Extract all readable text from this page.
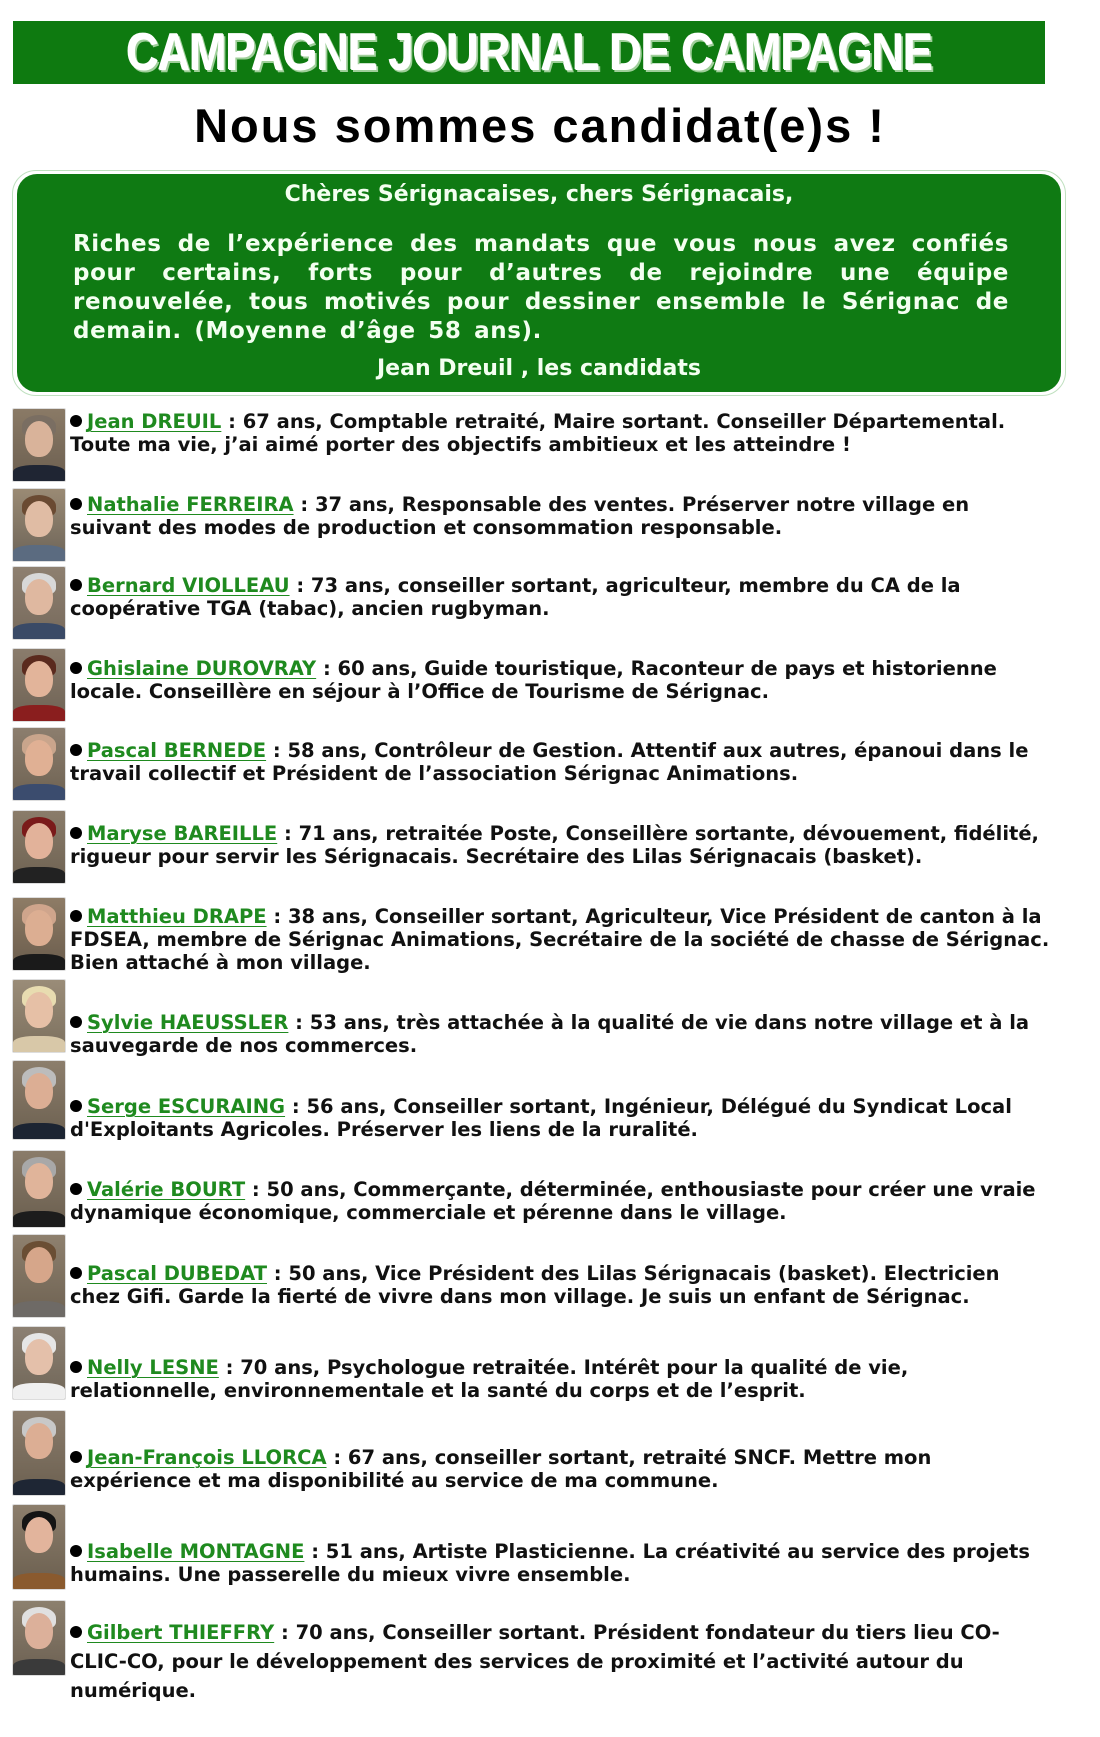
CAMPAGNE JOURNAL DE CAMPAGNE
Nous sommes candidat(e)s !
Chères Sérignacaises, chers Sérignacais,
Riches de l’expérience des mandats que vous nous avez confiés pour certains, forts pour d’autres de rejoindre une équipe renouvelée, tous motivés pour dessiner ensemble le Sérignac de demain. (Moyenne d’âge 58 ans).
Jean Dreuil , les candidats
Jean DREUIL : 67 ans, Comptable retraité, Maire sortant. Conseiller Départemental. Toute ma vie, j’ai aimé porter des objectifs ambitieux et les atteindre !
Nathalie FERREIRA : 37 ans, Responsable des ventes. Préserver notre village en suivant des modes de production et consommation responsable.
Bernard VIOLLEAU : 73 ans, conseiller sortant, agriculteur, membre du CA de la coopérative TGA (tabac), ancien rugbyman.
Ghislaine DUROVRAY : 60 ans, Guide touristique, Raconteur de pays et historienne locale. Conseillère en séjour à l’Office de Tourisme de Sérignac.
Pascal BERNEDE : 58 ans, Contrôleur de Gestion. Attentif aux autres, épanoui dans le travail collectif et Président de l’association Sérignac Animations.
Maryse BAREILLE : 71 ans, retraitée Poste, Conseillère sortante, dévouement, fidélité, rigueur pour servir les Sérignacais. Secrétaire des Lilas Sérignacais (basket).
Matthieu DRAPE : 38 ans, Conseiller sortant, Agriculteur, Vice Président de canton à la FDSEA, membre de Sérignac Animations, Secrétaire de la société de chasse de Sérignac. Bien attaché à mon village.
Sylvie HAEUSSLER : 53 ans, très attachée à la qualité de vie dans notre village et à la sauvegarde de nos commerces.
Serge ESCURAING : 56 ans, Conseiller sortant, Ingénieur, Délégué du Syndicat Local d'Exploitants Agricoles. Préserver les liens de la ruralité.
Valérie BOURT : 50 ans, Commerçante, déterminée, enthousiaste pour créer une vraie dynamique économique, commerciale et pérenne dans le village.
Pascal DUBEDAT : 50 ans, Vice Président des Lilas Sérignacais (basket). Electricien chez Gifi. Garde la fierté de vivre dans mon village. Je suis un enfant de Sérignac.
Nelly LESNE : 70 ans, Psychologue retraitée. Intérêt pour la qualité de vie, relationnelle, environnementale et la santé du corps et de l’esprit.
Jean-François LLORCA : 67 ans, conseiller sortant, retraité SNCF. Mettre mon expérience et ma disponibilité au service de ma commune.
Isabelle MONTAGNE : 51 ans, Artiste Plasticienne. La créativité au service des projets humains. Une passerelle du mieux vivre ensemble.
Gilbert THIEFFRY : 70 ans, Conseiller sortant. Président fondateur du tiers lieu CO-CLIC-CO, pour le développement des services de proximité et l’activité autour du numérique.
